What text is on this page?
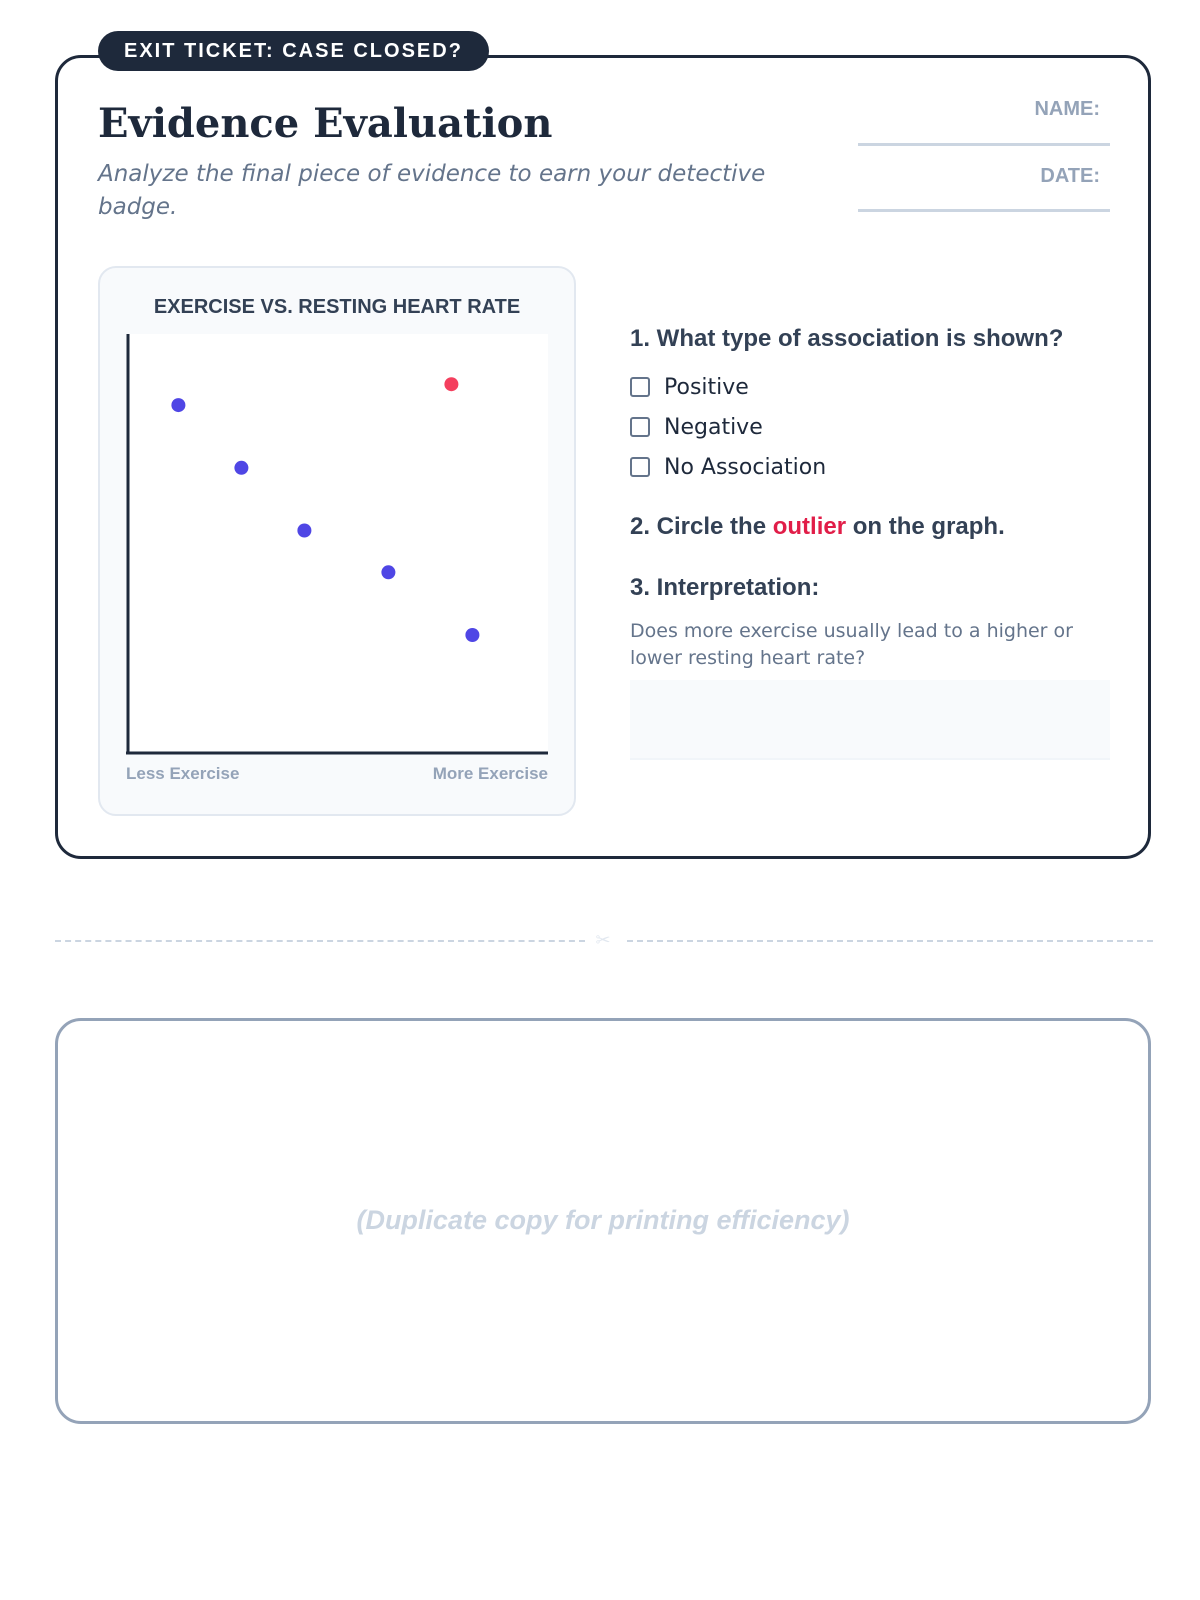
EXIT TICKET: CASE CLOSED?
Evidence Evaluation
Analyze the final piece of evidence to earn your detective badge.
NAME:
DATE:
EXERCISE VS. RESTING HEART RATE
Less Exercise	More Exercise
1. What type of association is shown?
Positive
Negative
No Association
2. Circle the outlier on the graph.
3. Interpretation:
Does more exercise usually lead to a higher or lower resting heart rate?
✂
(Duplicate copy for printing efficiency)
